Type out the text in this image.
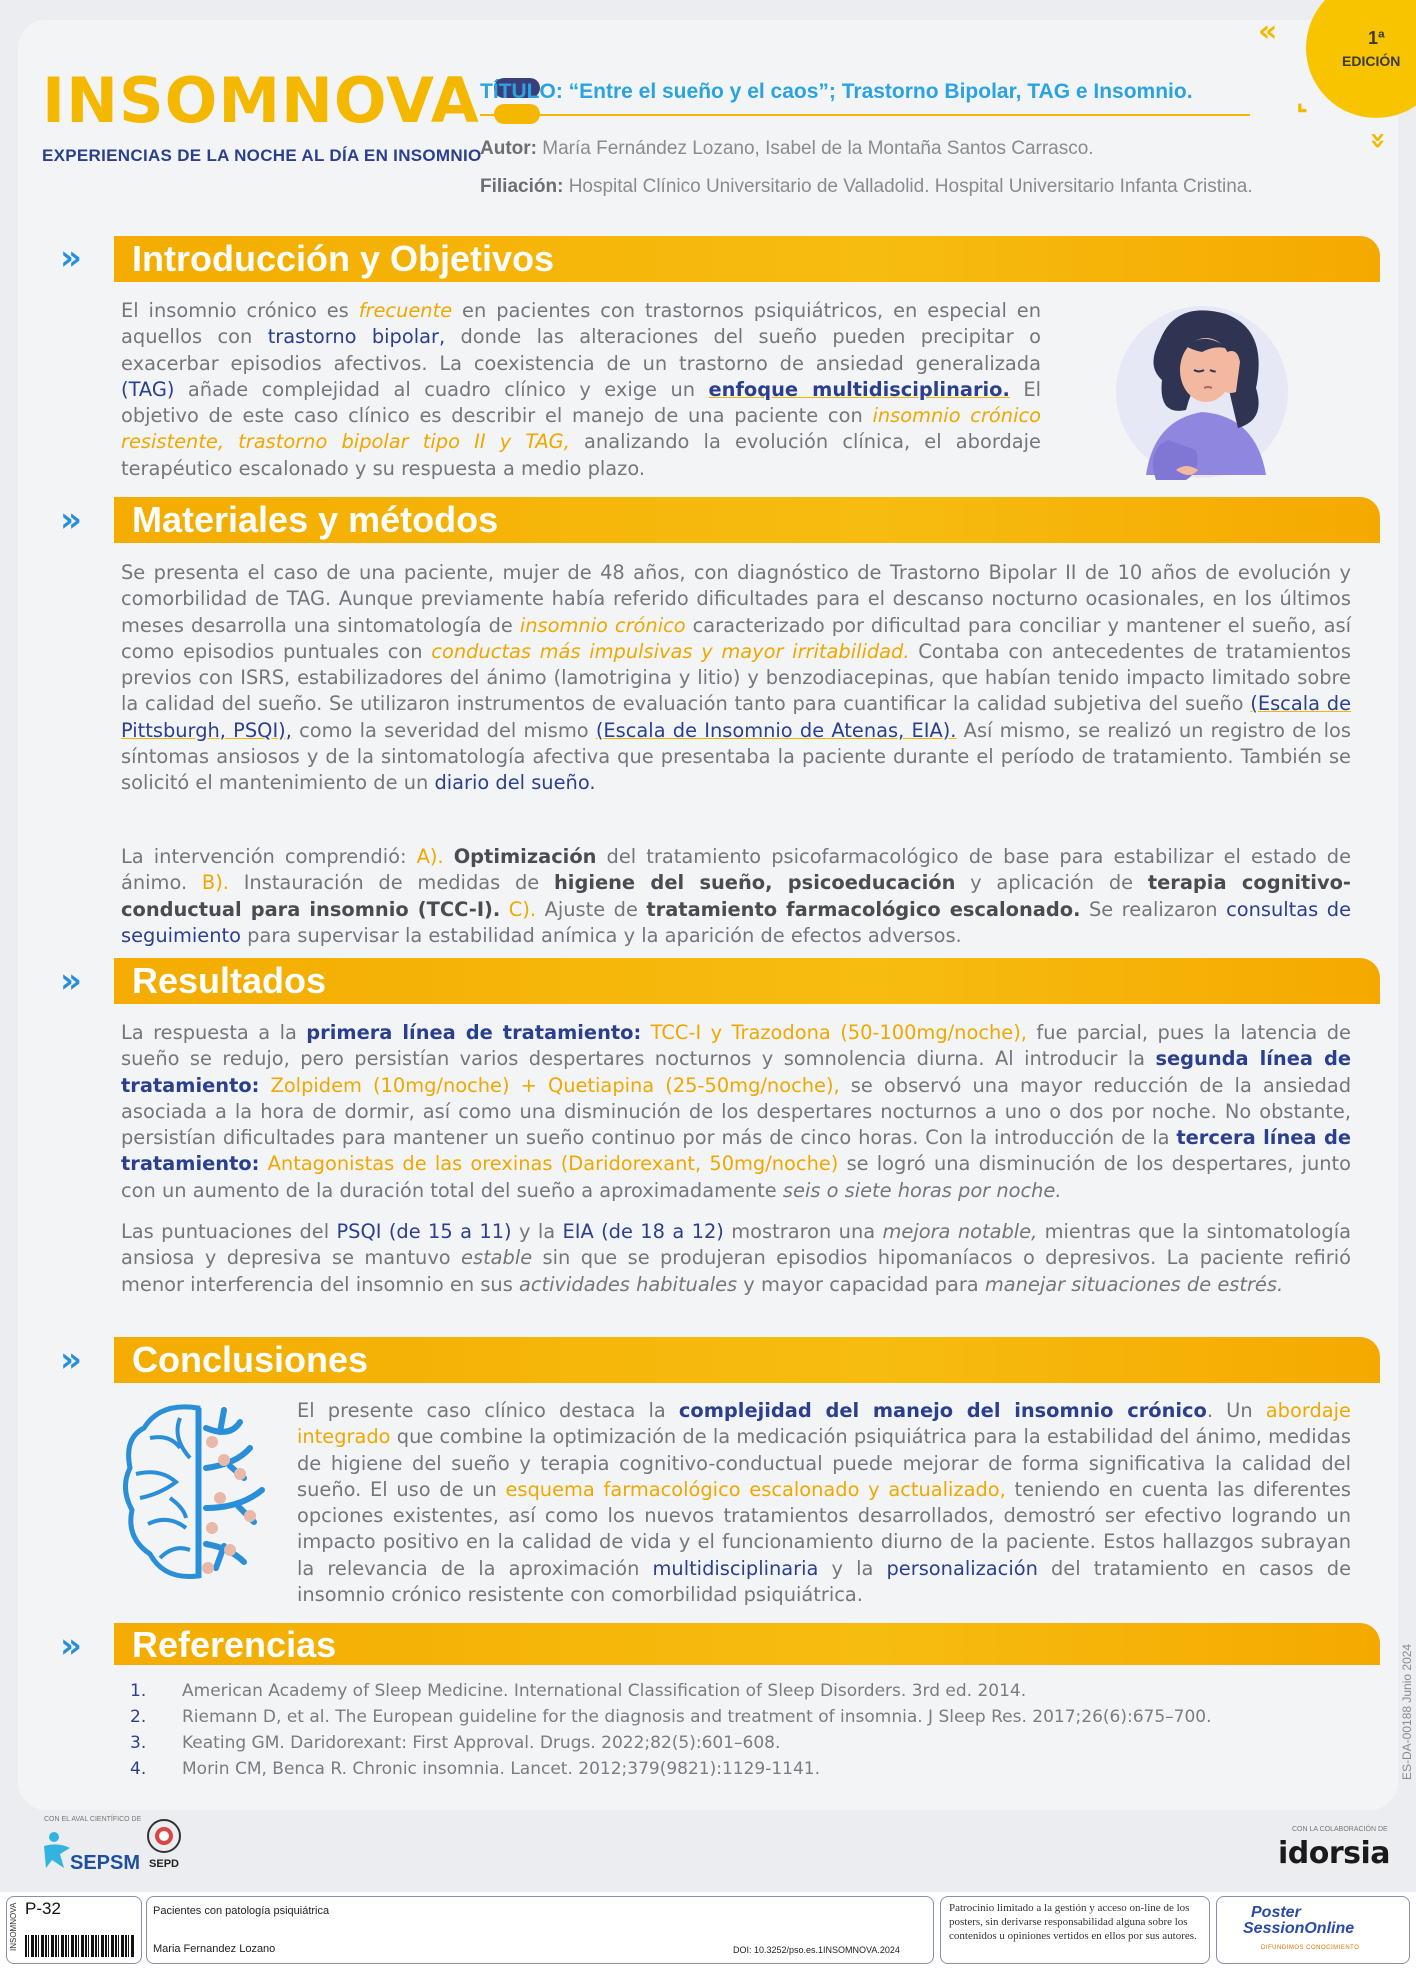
INSOMNOVA
EXPERIENCIAS DE LA NOCHE AL DÍA EN INSOMNIO
TÍTULO: “Entre el sueño y el caos”; Trastorno Bipolar, TAG e Insomnio.
Autor: María Fernández Lozano, Isabel de la Montaña Santos Carrasco.
Filiación: Hospital Clínico Universitario de Valladolid. Hospital Universitario Infanta Cristina.
1ª
EDICIÓN
«
⌞
»
»	Introducción y Objetivos
El insomnio crónico es frecuente en pacientes con trastornos psiquiátricos, en especial en aquellos con trastorno bipolar, donde las alteraciones del sueño pueden precipitar o exacerbar episodios afectivos. La coexistencia de un trastorno de ansiedad generalizada (TAG) añade complejidad al cuadro clínico y exige un enfoque multidisciplinario. El objetivo de este caso clínico es describir el manejo de una paciente con insomnio crónico resistente, trastorno bipolar tipo II y TAG, analizando la evolución clínica, el abordaje terapéutico escalonado y su respuesta a medio plazo.
»	Materiales y métodos
Se presenta el caso de una paciente, mujer de 48 años, con diagnóstico de Trastorno Bipolar II de 10 años de evolución y comorbilidad de TAG. Aunque previamente había referido dificultades para el descanso nocturno ocasionales, en los últimos meses desarrolla una sintomatología de insomnio crónico caracterizado por dificultad para conciliar y mantener el sueño, así como episodios puntuales con conductas más impulsivas y mayor irritabilidad. Contaba con antecedentes de tratamientos previos con ISRS, estabilizadores del ánimo (lamotrigina y litio) y benzodiacepinas, que habían tenido impacto limitado sobre la calidad del sueño. Se utilizaron instrumentos de evaluación tanto para cuantificar la calidad subjetiva del sueño (Escala de Pittsburgh, PSQI), como la severidad del mismo (Escala de Insomnio de Atenas, EIA). Así mismo, se realizó un registro de los síntomas ansiosos y de la sintomatología afectiva que presentaba la paciente durante el período de tratamiento. También se solicitó el mantenimiento de un diario del sueño.
La intervención comprendió: A). Optimización del tratamiento psicofarmacológico de base para estabilizar el estado de ánimo. B). Instauración de medidas de higiene del sueño, psicoeducación y aplicación de terapia cognitivo-conductual para insomnio (TCC-I). C). Ajuste de tratamiento farmacológico escalonado. Se realizaron consultas de seguimiento para supervisar la estabilidad anímica y la aparición de efectos adversos.
»	Resultados
La respuesta a la primera línea de tratamiento: TCC-I y Trazodona (50-100mg/noche), fue parcial, pues la latencia de sueño se redujo, pero persistían varios despertares nocturnos y somnolencia diurna. Al introducir la segunda línea de tratamiento: Zolpidem (10mg/noche) + Quetiapina (25-50mg/noche), se observó una mayor reducción de la ansiedad asociada a la hora de dormir, así como una disminución de los despertares nocturnos a uno o dos por noche. No obstante, persistían dificultades para mantener un sueño continuo por más de cinco horas. Con la introducción de la tercera línea de tratamiento: Antagonistas de las orexinas (Daridorexant, 50mg/noche) se logró una disminución de los despertares, junto con un aumento de la duración total del sueño a aproximadamente seis o siete horas por noche.
Las puntuaciones del PSQI (de 15 a 11) y la EIA (de 18 a 12) mostraron una mejora notable, mientras que la sintomatología ansiosa y depresiva se mantuvo estable sin que se produjeran episodios hipomaníacos o depresivos. La paciente refirió menor interferencia del insomnio en sus actividades habituales y mayor capacidad para manejar situaciones de estrés.
»	Conclusiones
El presente caso clínico destaca la complejidad del manejo del insomnio crónico. Un abordaje integrado que combine la optimización de la medicación psiquiátrica para la estabilidad del ánimo, medidas de higiene del sueño y terapia cognitivo-conductual puede mejorar de forma significativa la calidad del sueño. El uso de un esquema farmacológico escalonado y actualizado, teniendo en cuenta las diferentes opciones existentes, así como los nuevos tratamientos desarrollados, demostró ser efectivo logrando un impacto positivo en la calidad de vida y el funcionamiento diurno de la paciente. Estos hallazgos subrayan la relevancia de la aproximación multidisciplinaria y la personalización del tratamiento en casos de insomnio crónico resistente con comorbilidad psiquiátrica.
»	Referencias
1.	American Academy of Sleep Medicine. International Classification of Sleep Disorders. 3rd ed. 2014.
2.	Riemann D, et al. The European guideline for the diagnosis and treatment of insomnia. J Sleep Res. 2017;26(6):675–700.
3.	Keating GM. Daridorexant: First Approval. Drugs. 2022;82(5):601–608.
4.	Morin CM, Benca R. Chronic insomnia. Lancet. 2012;379(9821):1129-1141.	ES-DA-00188 Junio 2024
CON EL AVAL CIENTÍFICO DE
SEPSM SEPD
CON LA COLABORACIÓN DE
idorsia
INSOMNOVA P-32	Pacientes con patología psiquiátrica
Maria Fernandez Lozano	DOI: 10.3252/pso.es.1INSOMNOVA.2024
Patrocinio limitado a la gestión y acceso on-line de los posters, sin derivarse responsabilidad alguna sobre los contenidos u opiniones vertidos en ellos por sus autores.
Poster
SessionOnline
DIFUNDIMOS CONOCIMIENTO
